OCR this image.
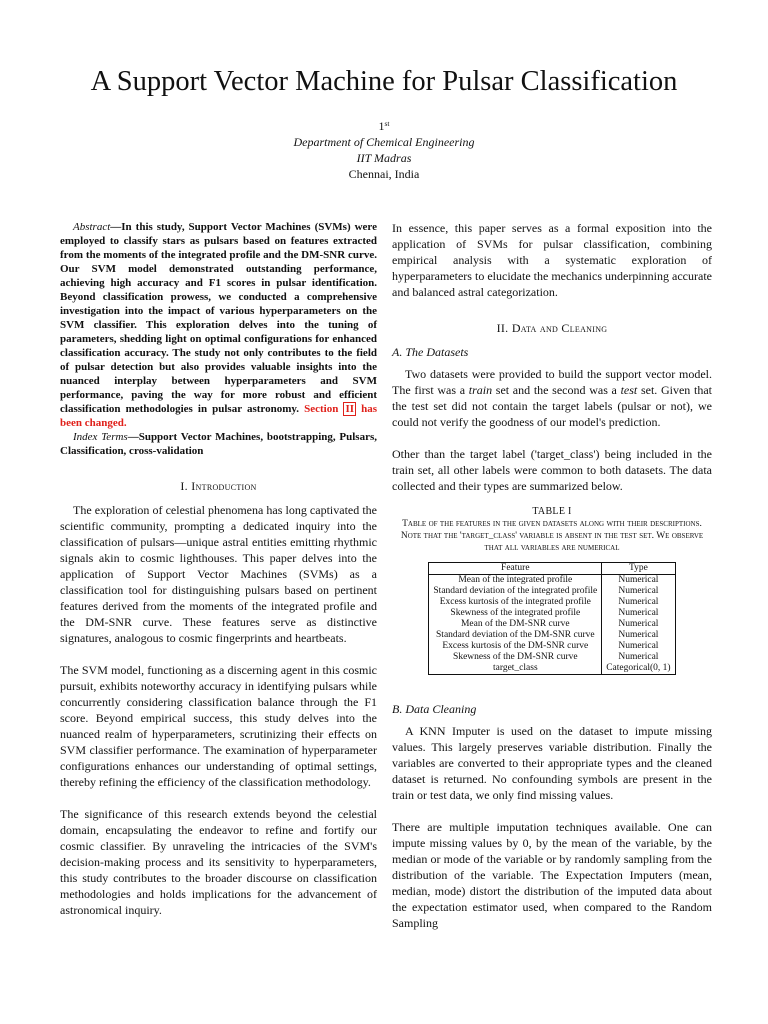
A Support Vector Machine for Pulsar Classification
1st
Department of Chemical Engineering
IIT Madras
Chennai, India

Abstract—In this study, Support Vector Machines (SVMs) were employed to classify stars as pulsars based on features extracted from the moments of the integrated profile and the DM-SNR curve. Our SVM model demonstrated outstanding performance, achieving high accuracy and F1 scores in pulsar identification. Beyond classification prowess, we conducted a comprehensive investigation into the impact of various hyperparameters on the SVM classifier. This exploration delves into the tuning of parameters, shedding light on optimal configurations for enhanced classification accuracy. The study not only contributes to the field of pulsar detection but also provides valuable insights into the nuanced interplay between hyperparameters and SVM performance, paving the way for more robust and efficient classification methodologies in pulsar astronomy. Section II has been changed.

Index Terms—Support Vector Machines, bootstrapping, Pulsars, Classification, cross-validation

I. Introduction

The exploration of celestial phenomena has long captivated the scientific community, prompting a dedicated inquiry into the classification of pulsars—unique astral entities emitting rhythmic signals akin to cosmic lighthouses. This paper delves into the application of Support Vector Machines (SVMs) as a classification tool for distinguishing pulsars based on pertinent features derived from the moments of the integrated profile and the DM-SNR curve. These features serve as distinctive signatures, analogous to cosmic fingerprints and heartbeats.

The SVM model, functioning as a discerning agent in this cosmic pursuit, exhibits noteworthy accuracy in identifying pulsars while concurrently considering classification balance through the F1 score. Beyond empirical success, this study delves into the nuanced realm of hyperparameters, scrutinizing their effects on SVM classifier performance. The examination of hyperparameter configurations enhances our understanding of optimal settings, thereby refining the efficiency of the classification methodology.

The significance of this research extends beyond the celestial domain, encapsulating the endeavor to refine and fortify our cosmic classifier. By unraveling the intricacies of the SVM's decision-making process and its sensitivity to hyperparameters, this study contributes to the broader discourse on classification methodologies and holds implications for the advancement of astronomical inquiry.

In essence, this paper serves as a formal exposition into the application of SVMs for pulsar classification, combining empirical analysis with a systematic exploration of hyperparameters to elucidate the mechanics underpinning accurate and balanced astral categorization.

II. Data and Cleaning
A. The Datasets

Two datasets were provided to build the support vector model. The first was a train set and the second was a test set. Given that the test set did not contain the target labels (pulsar or not), we could not verify the goodness of our model's prediction.

Other than the target label ('target_class') being included in the train set, all other labels were common to both datasets. The data collected and their types are summarized below.

TABLE I
Table of the features in the given datasets along with their descriptions. Note that the 'target_class' variable is absent in the test set. We observe that all variables are numerical
Feature	Type
Mean of the integrated profile	Numerical
Standard deviation of the integrated profile	Numerical
Excess kurtosis of the integrated profile	Numerical
Skewness of the integrated profile	Numerical
Mean of the DM-SNR curve	Numerical
Standard deviation of the DM-SNR curve	Numerical
Excess kurtosis of the DM-SNR curve	Numerical
Skewness of the DM-SNR curve	Numerical
target_class	Categorical(0, 1)
B. Data Cleaning

A KNN Imputer is used on the dataset to impute missing values. This largely preserves variable distribution. Finally the variables are converted to their appropriate types and the cleaned dataset is returned. No confounding symbols are present in the train or test data, we only find missing values.

There are multiple imputation techniques available. One can impute missing values by 0, by the mean of the variable, by the median or mode of the variable or by randomly sampling from the distribution of the variable. The Expectation Imputers (mean, median, mode) distort the distribution of the imputed data about the expectation estimator used, when compared to the Random Sampling
